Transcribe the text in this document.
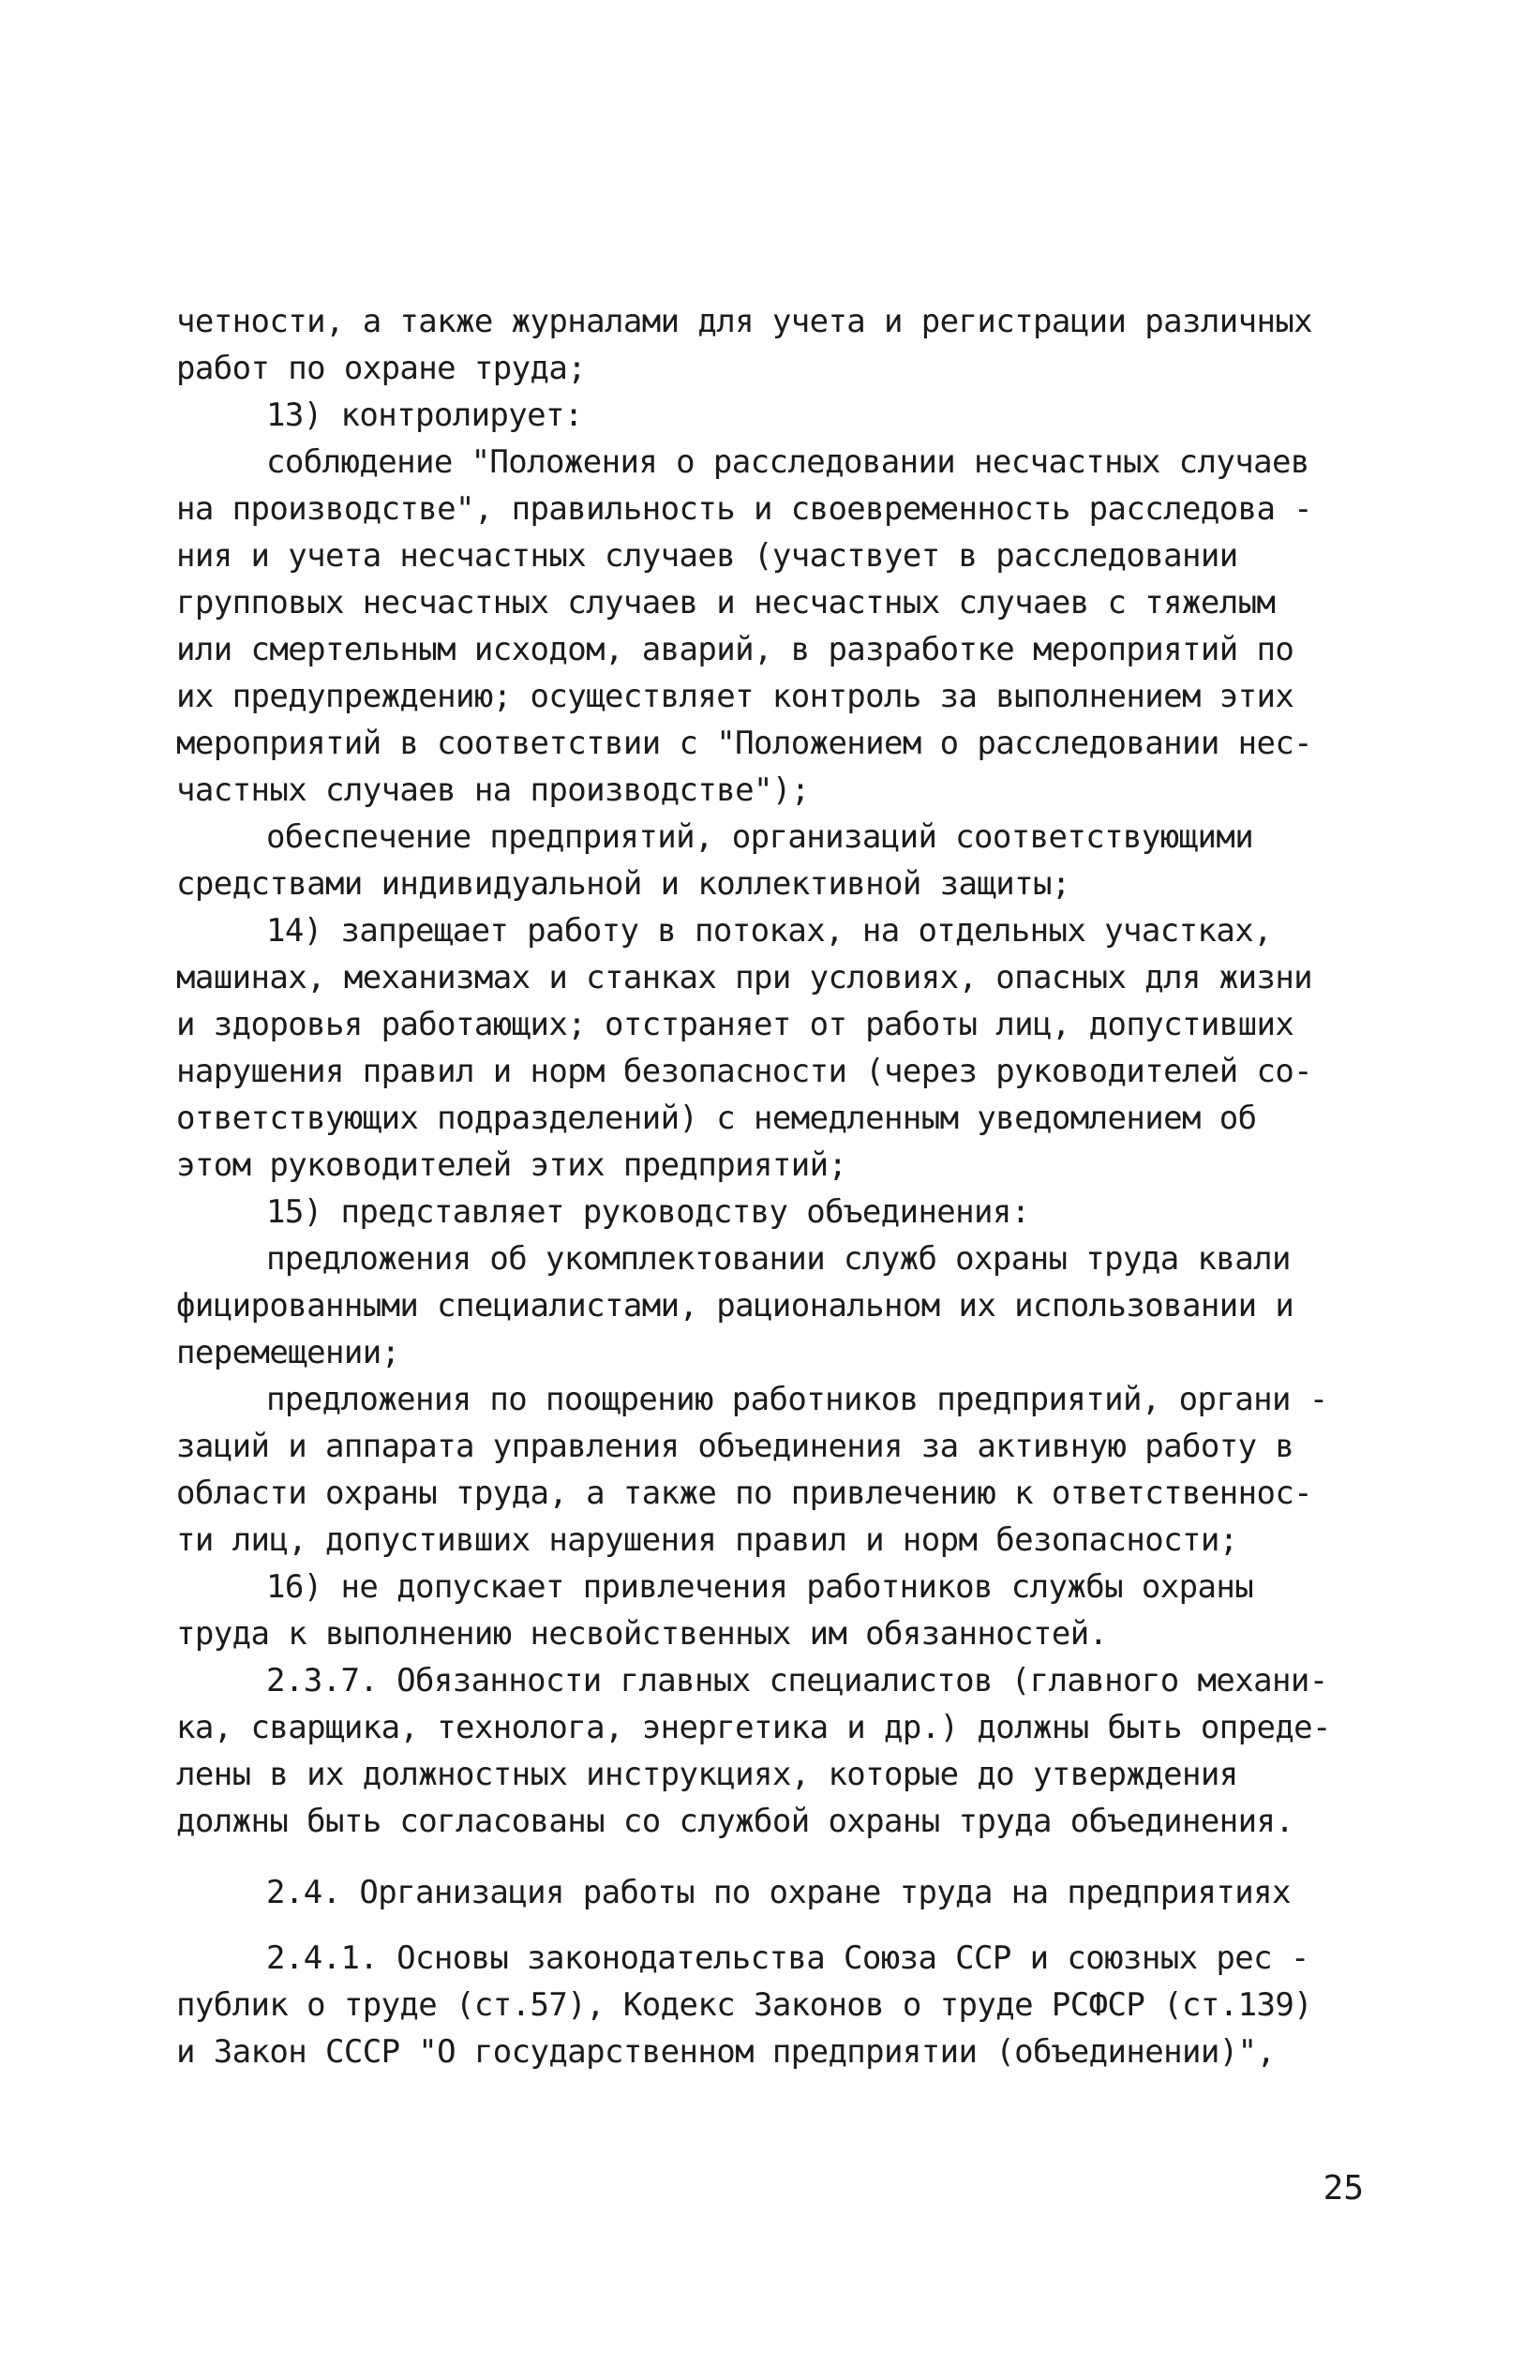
четности, а также журналами для учета и регистрации различных
работ по охране труда;
13) контролирует:
соблюдение "Положения о расследовании несчастных случаев
на производстве", правильность и своевременность расследова -
ния и учета несчастных случаев (участвует в расследовании
групповых несчастных случаев и несчастных случаев с тяжелым
или смертельным исходом, аварий, в разработке мероприятий по
их предупреждению; осуществляет контроль за выполнением этих
мероприятий в соответствии с "Положением о расследовании нес-
частных случаев на производстве");
обеспечение предприятий, организаций соответствующими
средствами индивидуальной и коллективной защиты;
14) запрещает работу в потоках, на отдельных участках,
машинах, механизмах и станках при условиях, опасных для жизни
и здоровья работающих; отстраняет от работы лиц, допустивших
нарушения правил и норм безопасности (через руководителей со-
ответствующих подразделений) с немедленным уведомлением об
этом руководителей этих предприятий;
15) представляет руководству объединения:
предложения об укомплектовании служб охраны труда квали
фицированными специалистами, рациональном их использовании и
перемещении;
предложения по поощрению работников предприятий, органи -
заций и аппарата управления объединения за активную работу в
области охраны труда, а также по привлечению к ответственнос-
ти лиц, допустивших нарушения правил и норм безопасности;
16) не допускает привлечения работников службы охраны
труда к выполнению несвойственных им обязанностей.
2.3.7. Обязанности главных специалистов (главного механи-
ка, сварщика, технолога, энергетика и др.) должны быть опреде-
лены в их должностных инструкциях, которые до утверждения
должны быть согласованы со службой охраны труда объединения.
2.4. Организация работы по охране труда на предприятиях
2.4.1. Основы законодательства Союза ССР и союзных рес -
публик о труде (ст.57), Кодекс Законов о труде РСФСР (ст.139)
и Закон СССР "О государственном предприятии (объединении)",
25
